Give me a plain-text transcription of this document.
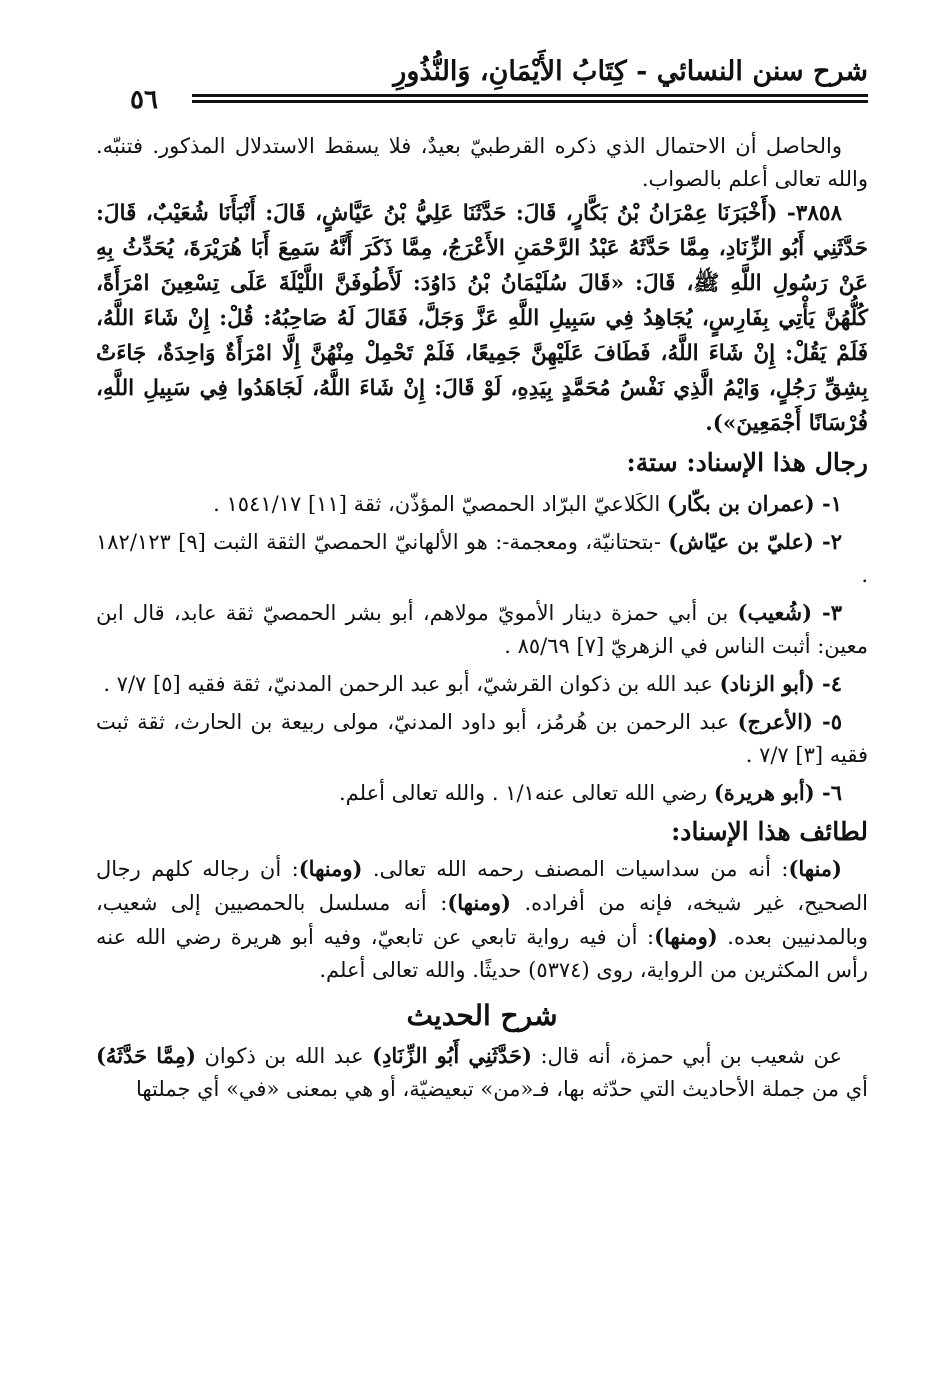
شرح سنن النسائي - كِتَابُ الأَيْمَانِ، وَالنُّذُورِ
٥٦

والحاصل أن الاحتمال الذي ذكره القرطبيّ بعيدٌ، فلا يسقط الاستدلال المذكور. فتنبّه. والله تعالى أعلم بالصواب.

٣٨٥٨- (أَخْبَرَنَا عِمْرَانُ بْنُ بَكَّارٍ، قَالَ: حَدَّثَنَا عَلِيُّ بْنُ عَيَّاشٍ، قَالَ: أَنْبَأَنَا شُعَيْبٌ، قَالَ: حَدَّثَنِي أَبُو الزِّنَادِ، مِمَّا حَدَّثَهُ عَبْدُ الرَّحْمَنِ الأَعْرَجُ، مِمَّا ذَكَرَ أَنَّهُ سَمِعَ أَبَا هُرَيْرَةَ، يُحَدِّثُ بِهِ عَنْ رَسُولِ اللَّهِ ﷺ، قَالَ: «قَالَ سُلَيْمَانُ بْنُ دَاوُدَ: لَأَطُوفَنَّ اللَّيْلَةَ عَلَى تِسْعِينَ امْرَأَةً، كُلُّهُنَّ يَأْتِي بِفَارِسٍ، يُجَاهِدُ فِي سَبِيلِ اللَّهِ عَزَّ وَجَلَّ، فَقَالَ لَهُ صَاحِبُهُ: قُلْ: إِنْ شَاءَ اللَّهُ، فَلَمْ يَقُلْ: إِنْ شَاءَ اللَّهُ، فَطَافَ عَلَيْهِنَّ جَمِيعًا، فَلَمْ تَحْمِلْ مِنْهُنَّ إِلَّا امْرَأَةٌ وَاحِدَةٌ، جَاءَتْ بِشِقِّ رَجُلٍ، وَايْمُ الَّذِي نَفْسُ مُحَمَّدٍ بِيَدِهِ، لَوْ قَالَ: إِنْ شَاءَ اللَّهُ، لَجَاهَدُوا فِي سَبِيلِ اللَّهِ، فُرْسَانًا أَجْمَعِينَ»).

رجال هذا الإسناد: ستة:

١- (عمران بن بكّار) الكَلاعيّ البرّاد الحمصيّ المؤذّن، ثقة [١١] ١٥٤١/١٧ .

٢- (عليّ بن عيّاش) -بتحتانيّة، ومعجمة-: هو الألهانيّ الحمصيّ الثقة الثبت [٩] ١٨٢/١٢٣ .

٣- (شُعيب) بن أبي حمزة دينار الأمويّ مولاهم، أبو بشر الحمصيّ ثقة عابد، قال ابن معين: أثبت الناس في الزهريّ [٧] ٨٥/٦٩ .

٤- (أبو الزناد) عبد الله بن ذكوان القرشيّ، أبو عبد الرحمن المدنيّ، ثقة فقيه [٥] ٧/٧ .

٥- (الأعرج) عبد الرحمن بن هُرمُز، أبو داود المدنيّ، مولى ربيعة بن الحارث، ثقة ثبت فقيه [٣] ٧/٧ .

٦- (أبو هريرة) رضي الله تعالى عنه١/١ . والله تعالى أعلم.

لطائف هذا الإسناد:

(منها): أنه من سداسيات المصنف رحمه الله تعالى. (ومنها): أن رجاله كلهم رجال الصحيح، غير شيخه، فإنه من أفراده. (ومنها): أنه مسلسل بالحمصيين إلى شعيب، وبالمدنيين بعده. (ومنها): أن فيه رواية تابعي عن تابعيّ، وفيه أبو هريرة رضي الله عنه رأس المكثرين من الرواية، روى (٥٣٧٤) حديثًا. والله تعالى أعلم.

شرح الحديث

عن شعيب بن أبي حمزة، أنه قال: (حَدَّثَنِي أَبُو الزِّنَادِ) عبد الله بن ذكوان (مِمَّا حَدَّثَهُ) أي من جملة الأحاديث التي حدّثه بها، فـ«من» تبعيضيّة، أو هي بمعنى «في» أي جملتها
